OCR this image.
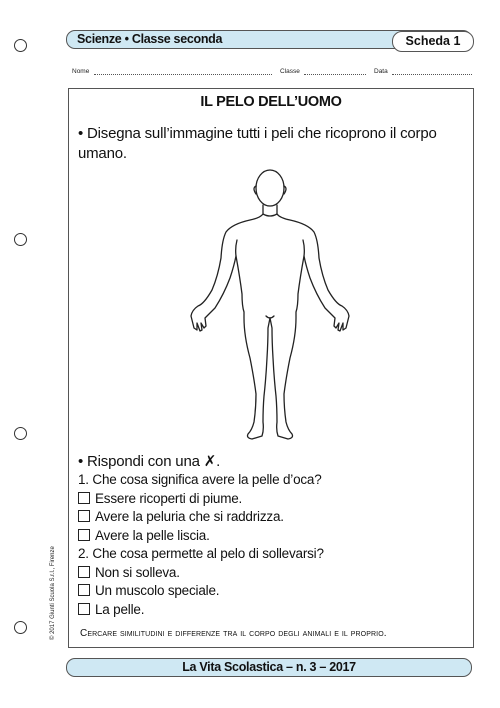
Scienze • Classe seconda	Scheda 1
Nome	Classe	Data
IL PELO DELL’UOMO
• Disegna sull’immagine tutti i peli che ricoprono il corpo umano.
• Rispondi con una ✗.
1. Che cosa significa avere la pelle d’oca?
Essere ricoperti di piume.
Avere la peluria che si raddrizza.
Avere la pelle liscia.
2. Che cosa permette al pelo di sollevarsi?
Non si solleva.
Un muscolo speciale.
La pelle.
Cercare similitudini e differenze tra il corpo degli animali e il proprio.
© 2017 Giunti Scuola S.r.l., Firenze
La Vita Scolastica – n. 3 – 2017
